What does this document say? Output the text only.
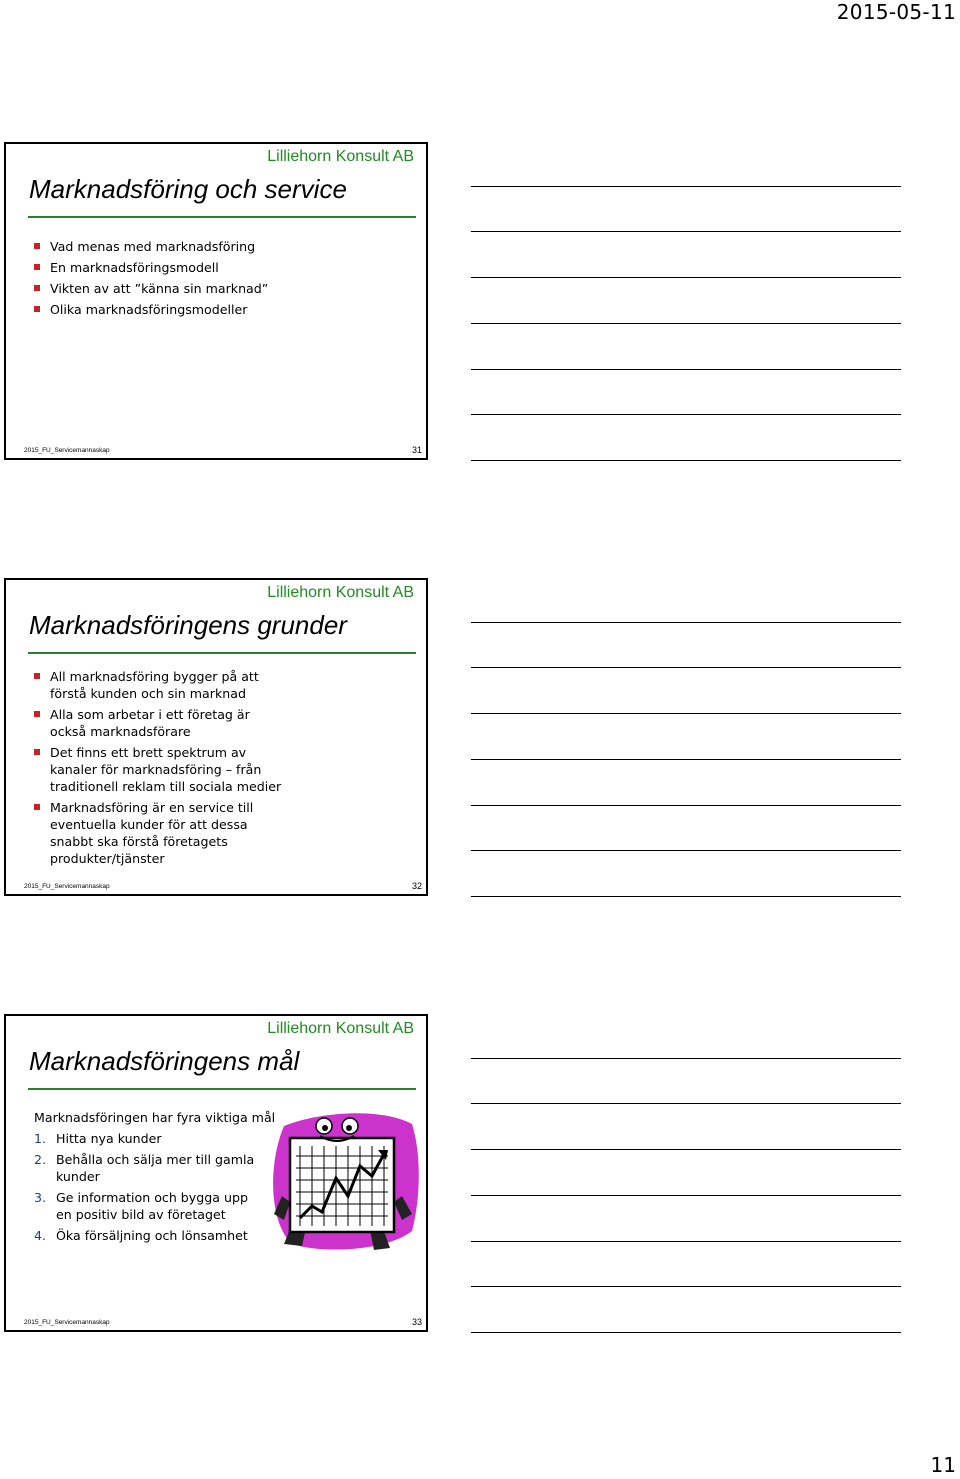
2015-05-11
Lilliehorn Konsult AB
Marknadsföring och service
Vad menas med marknadsföring
En marknadsföringsmodell
Vikten av att ”känna sin marknad”
Olika marknadsföringsmodeller
2015_FU_Servicemannaskap	31
Lilliehorn Konsult AB
Marknadsföringens grunder
All marknadsföring bygger på att förstå kunden och sin marknad
Alla som arbetar i ett företag är också marknadsförare
Det finns ett brett spektrum av kanaler för marknadsföring – från traditionell reklam till sociala medier
Marknadsföring är en service till eventuella kunder för att dessa snabbt ska förstå företagets produkter/tjänster
2015_FU_Servicemannaskap	32
Lilliehorn Konsult AB
Marknadsföringens mål
Marknadsföringen har fyra viktiga mål
1. Hitta nya kunder
2. Behålla och sälja mer till gamla kunder
3. Ge information och bygga upp en positiv bild av företaget
4. Öka försäljning och lönsamhet
2015_FU_Servicemannaskap	33
11
